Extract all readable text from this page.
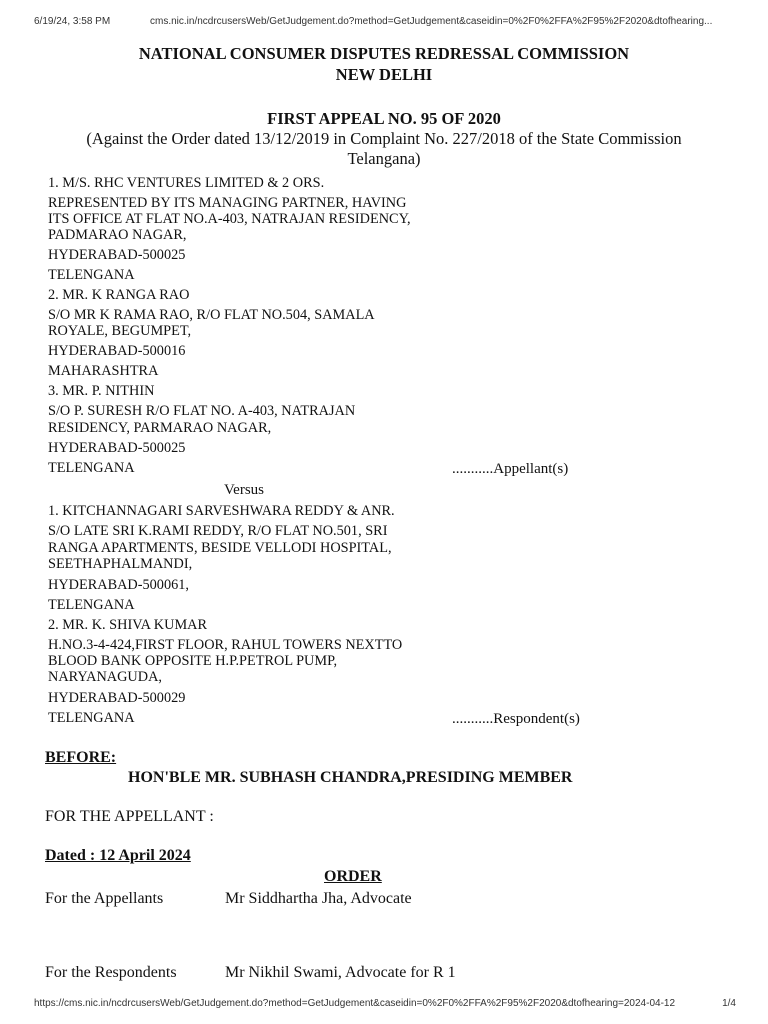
6/19/24, 3:58 PM	cms.nic.in/ncdrcusersWeb/GetJudgement.do?method=GetJudgement&caseidin=0%2F0%2FFA%2F95%2F2020&dtofhearing...
NATIONAL CONSUMER DISPUTES REDRESSAL COMMISSION
NEW DELHI
FIRST APPEAL NO. 95 OF 2020
(Against the Order dated 13/12/2019 in Complaint No. 227/2018 of the State Commission
Telangana)
1. M/S. RHC VENTURES LIMITED & 2 ORS.
REPRESENTED BY ITS MANAGING PARTNER, HAVING
ITS OFFICE AT FLAT NO.A-403, NATRAJAN RESIDENCY,
PADMARAO NAGAR,
HYDERABAD-500025
TELENGANA
2. MR. K RANGA RAO
S/O MR K RAMA RAO, R/O FLAT NO.504, SAMALA
ROYALE, BEGUMPET,
HYDERABAD-500016
MAHARASHTRA
3. MR. P. NITHIN
S/O P. SURESH R/O FLAT NO. A-403, NATRAJAN
RESIDENCY, PARMARAO NAGAR,
HYDERABAD-500025
TELENGANA	...........Appellant(s)
Versus
1. KITCHANNAGARI SARVESHWARA REDDY & ANR.
S/O LATE SRI K.RAMI REDDY, R/O FLAT NO.501, SRI
RANGA APARTMENTS, BESIDE VELLODI HOSPITAL,
SEETHAPHALMANDI,
HYDERABAD-500061,
TELENGANA
2. MR. K. SHIVA KUMAR
H.NO.3-4-424,FIRST FLOOR, RAHUL TOWERS NEXTTO
BLOOD BANK OPPOSITE H.P.PETROL PUMP,
NARYANAGUDA,
HYDERABAD-500029
TELENGANA	...........Respondent(s)
BEFORE:
HON'BLE MR. SUBHASH CHANDRA,PRESIDING MEMBER
FOR THE APPELLANT :
Dated : 12 April 2024
ORDER
For the Appellants	Mr Siddhartha Jha, Advocate
For the Respondents	Mr Nikhil Swami, Advocate for R 1
https://cms.nic.in/ncdrcusersWeb/GetJudgement.do?method=GetJudgement&caseidin=0%2F0%2FFA%2F95%2F2020&dtofhearing=2024-04-12	1/4
